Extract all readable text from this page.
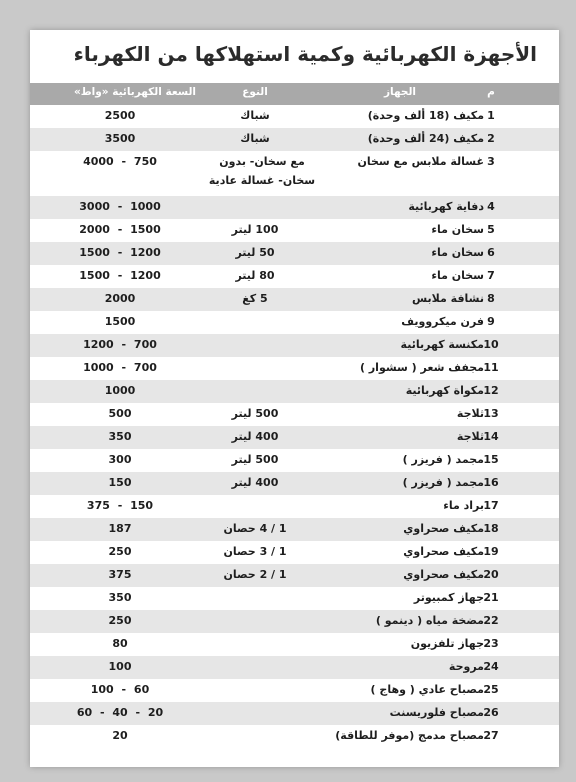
الأجهزة الكهربائية وكمية استهلاكها من الكهرباء
م
الجهاز
النوع
السعة الكهربائية «واط»
1
مكيف (18 ألف وحدة)
شباك
2500
2
مكيف (24 ألف وحدة)
شباك
3500
3
غسالة ملابس مع سخان
مع سخان- بدون سخان- غسالة عادية
4000 - 750
4
دفاية كهربائية
3000 - 1000
5
سخان ماء
100 ليتر
2000 - 1500
6
سخان ماء
50 ليتر
1500 - 1200
7
سخان ماء
80 ليتر
1500 - 1200
8
نشافة ملابس
5 كغ
2000
9
فرن ميكروويف
1500
10
مكنسة كهربائية
1200 - 700
11
مجفف شعر ( سشوار )
1000 - 700
12
مكواة كهربائية
1000
13
ثلاجة
500 ليتر
500
14
ثلاجة
400 ليتر
350
15
مجمد ( فريزر )
500 ليتر
300
16
مجمد ( فريزر )
400 ليتر
150
17
براد ماء
375 - 150
18
مكيف صحراوي
1 / 4 حصان
187
19
مكيف صحراوي
1 / 3 حصان
250
20
مكيف صحراوي
1 / 2 حصان
375
21
جهاز كمبيوتر
350
22
مضخة مياه ( دينمو )
250
23
جهاز تلفزيون
80
24
مروحة
100
25
مصباح عادي ( وهاج )
100 - 60
26
مصباح فلوريسنت
60 - 40 - 20
27
مصباح مدمج (موفر للطاقة)
20
